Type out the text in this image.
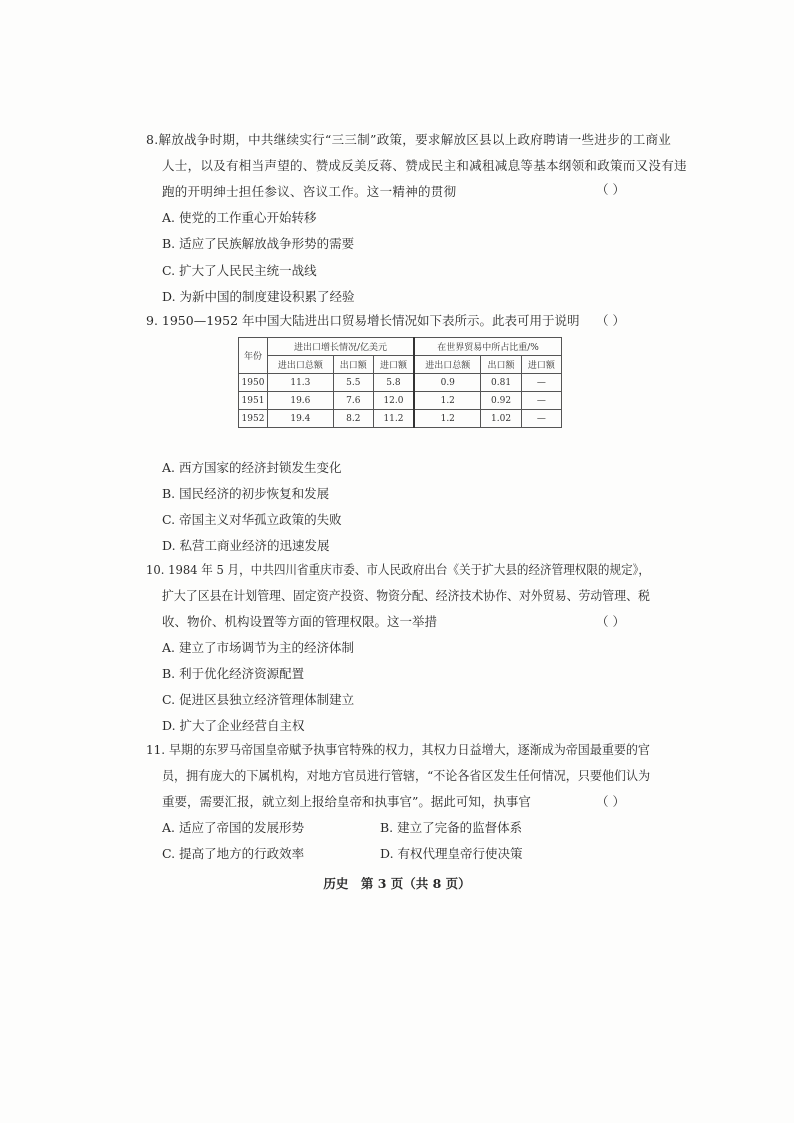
8.解放战争时期，中共继续实行“三三制”政策，要求解放区县以上政府聘请一些进步的工商业

人士，以及有相当声望的、赞成反美反蒋、赞成民主和减租减息等基本纲领和政策而又没有违

跑的开明绅士担任参议、咨议工作。这一精神的贯彻	（ ）
A. 使党的工作重心开始转移
B. 适应了民族解放战争形势的需要
C. 扩大了人民民主统一战线
D. 为新中国的制度建设积累了经验
9. 1950—1952 年中国大陆进出口贸易增长情况如下表所示。此表可用于说明 （ ）
年份	进出口增长情况/亿美元			在世界贸易中所占比重/%		
	进出口总额	出口额	进口额	进出口总额	出口额	进口额
1950	11.3	5.5	5.8	0.9	0.81	—
1951	19.6	7.6	12.0	1.2	0.92	—
1952	19.4	8.2	11.2	1.2	1.02	—
A. 西方国家的经济封锁发生变化
B. 国民经济的初步恢复和发展
C. 帝国主义对华孤立政策的失败
D. 私营工商业经济的迅速发展
10. 1984 年 5 月，中共四川省重庆市委、市人民政府出台《关于扩大县的经济管理权限的规定》，
扩大了区县在计划管理、固定资产投资、物资分配、经济技术协作、对外贸易、劳动管理、税
收、物价、机构设置等方面的管理权限。这一举措	（ ）
A. 建立了市场调节为主的经济体制
B. 利于优化经济资源配置
C. 促进区县独立经济管理体制建立
D. 扩大了企业经营自主权
11. 早期的东罗马帝国皇帝赋予执事官特殊的权力，其权力日益增大，逐渐成为帝国最重要的官
员，拥有庞大的下属机构，对地方官员进行管辖，“不论各省区发生任何情况，只要他们认为
重要，需要汇报，就立刻上报给皇帝和执事官”。据此可知，执事官	（ ）
A. 适应了帝国的发展形势	B. 建立了完备的监督体系
C. 提高了地方的行政效率	D. 有权代理皇帝行使决策
历史　第 3 页（共 8 页）
